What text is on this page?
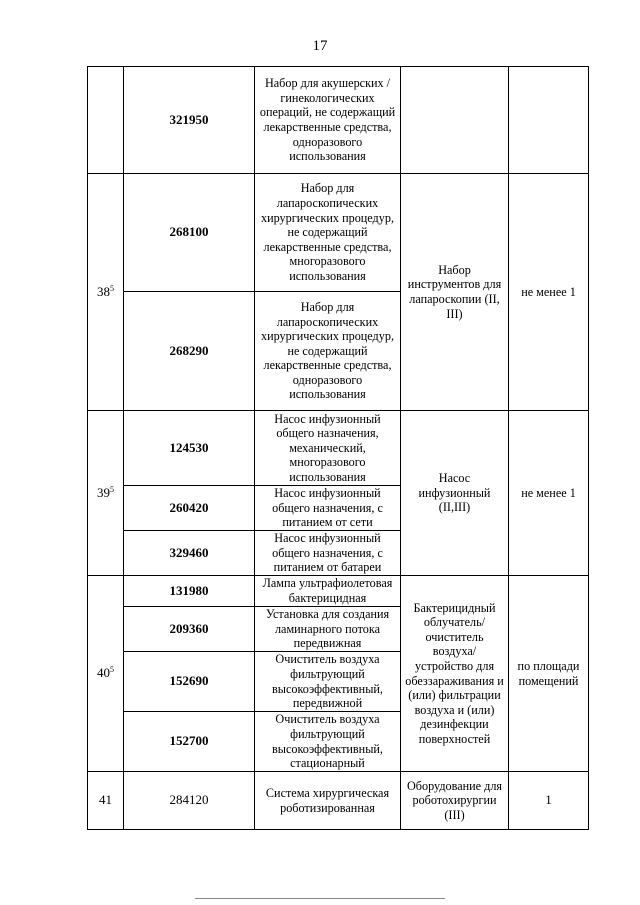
17
	321950	Набор для акушерских /гинекологических операций, не содержащий лекарственные средства, одноразового использования		
$38^5$	268100	Набор для лапароскопических хирургических процедур, не содержащий лекарственные средства, многоразового использования	Набор инструментов для лапароскопии (II, III)	не менее 1
	268290	Набор для лапароскопических хирургических процедур, не содержащий лекарственные средства, одноразового использования		
$39^5$	124530	Насос инфузионный общего назначения, механический, многоразового использования	Насос инфузионный (II,III)	не менее 1
	260420	Насос инфузионный общего назначения, с питанием от сети		
	329460	Насос инфузионный общего назначения, с питанием от батареи		
$40^5$	131980	Лампа ультрафиолетовая бактерицидная	Бактерицидный облучатель/ очиститель воздуха/ устройство для обеззараживания и (или) фильтрации воздуха и (или) дезинфекции поверхностей	по площади помещений
	209360	Установка для создания ламинарного потока передвижная		
	152690	Очиститель воздуха фильтрующий высокоэффективный, передвижной		
	152700	Очиститель воздуха фильтрующий высокоэффективный, стационарный		
41	284120	Система хирургическая роботизированная	Оборудование для роботохирургии (III)	1
